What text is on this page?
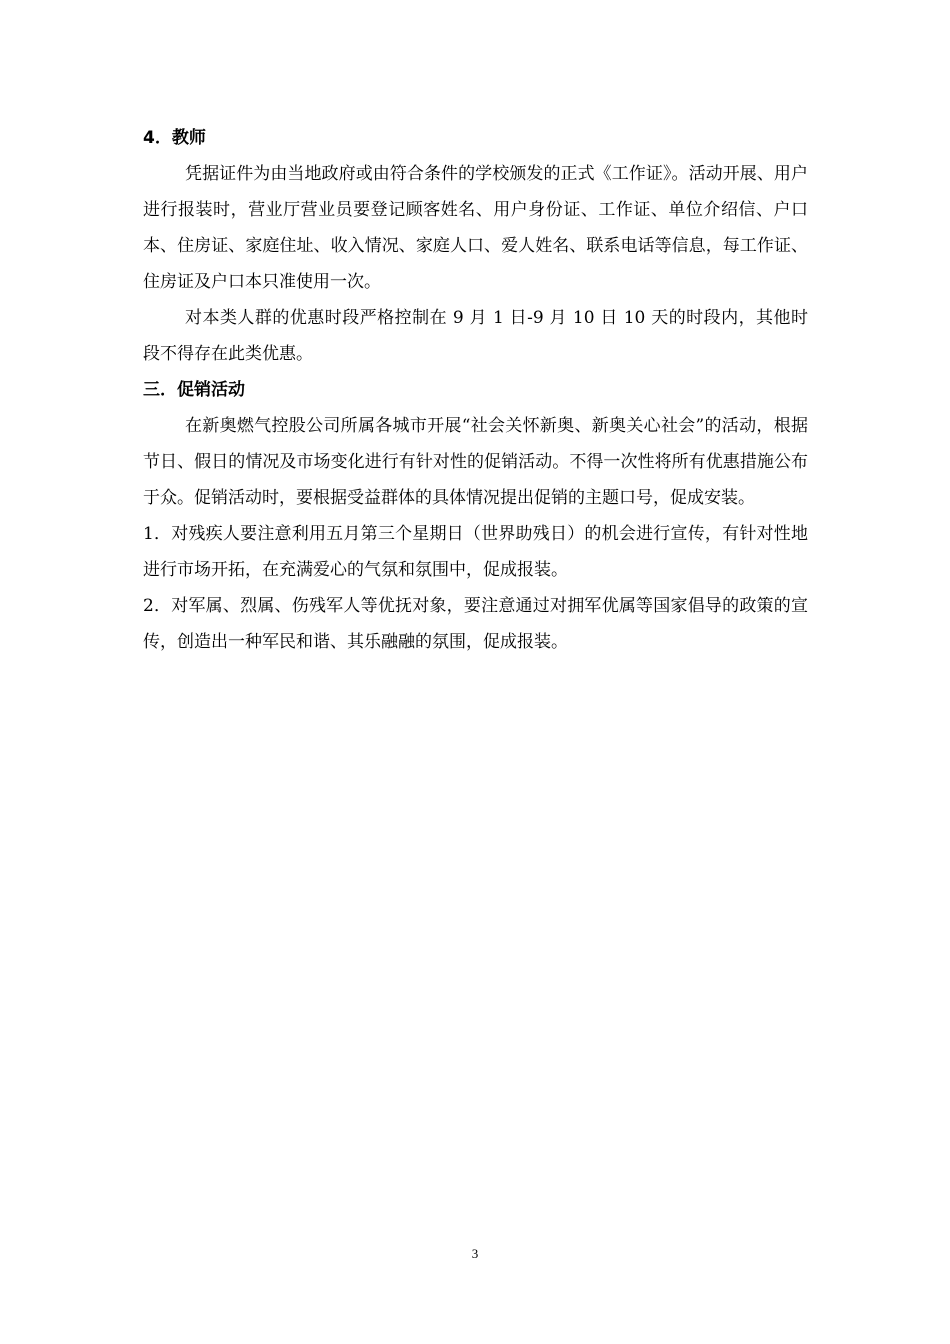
4．教师

凭据证件为由当地政府或由符合条件的学校颁发的正式《工作证》。活动开展、用户进行报装时，营业厅营业员要登记顾客姓名、用户身份证、工作证、单位介绍信、户口本、住房证、家庭住址、收入情况、家庭人口、爱人姓名、联系电话等信息，每工作证、住房证及户口本只准使用一次。

对本类人群的优惠时段严格控制在 9 月 1 日-9 月 10 日 10 天的时段内，其他时段不得存在此类优惠。

三．促销活动

在新奥燃气控股公司所属各城市开展“社会关怀新奥、新奥关心社会”的活动，根据节日、假日的情况及市场变化进行有针对性的促销活动。不得一次性将所有优惠措施公布于众。促销活动时，要根据受益群体的具体情况提出促销的主题口号，促成安装。

1．对残疾人要注意利用五月第三个星期日（世界助残日）的机会进行宣传，有针对性地进行市场开拓，在充满爱心的气氛和氛围中，促成报装。

2．对军属、烈属、伤残军人等优抚对象，要注意通过对拥军优属等国家倡导的政策的宣传，创造出一种军民和谐、其乐融融的氛围，促成报装。

3
